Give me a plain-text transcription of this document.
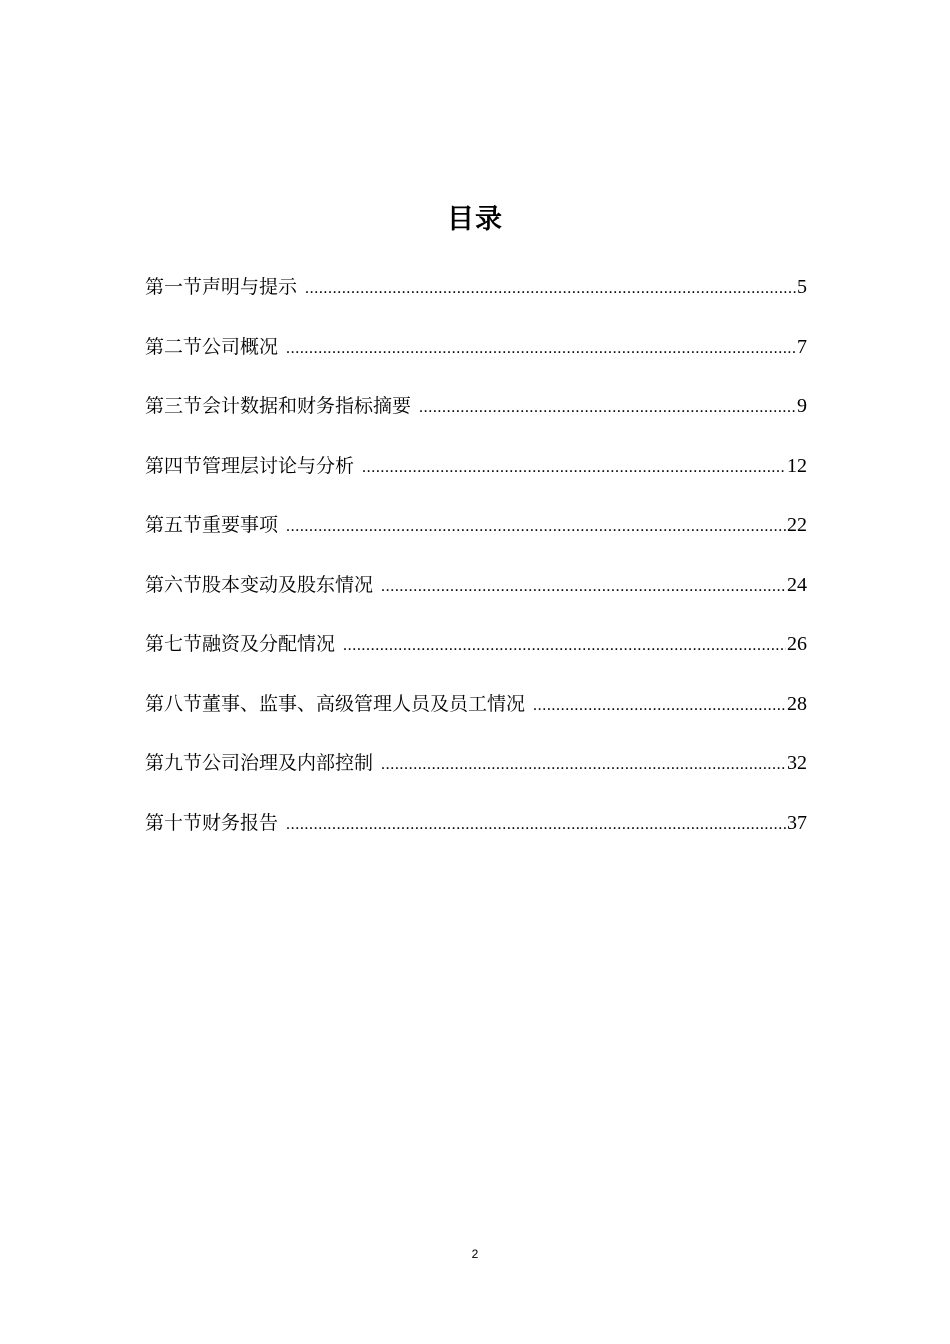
目录
第一节声明与提示 .....	5
第二节公司概况 .....	7
第三节会计数据和财务指标摘要 .....	9
第四节管理层讨论与分析 .....	12
第五节重要事项 .....	22
第六节股本变动及股东情况 .....	24
第七节融资及分配情况 .....	26
第八节董事、监事、高级管理人员及员工情况 .....	28
第九节公司治理及内部控制 .....	32
第十节财务报告 .....	37
2
